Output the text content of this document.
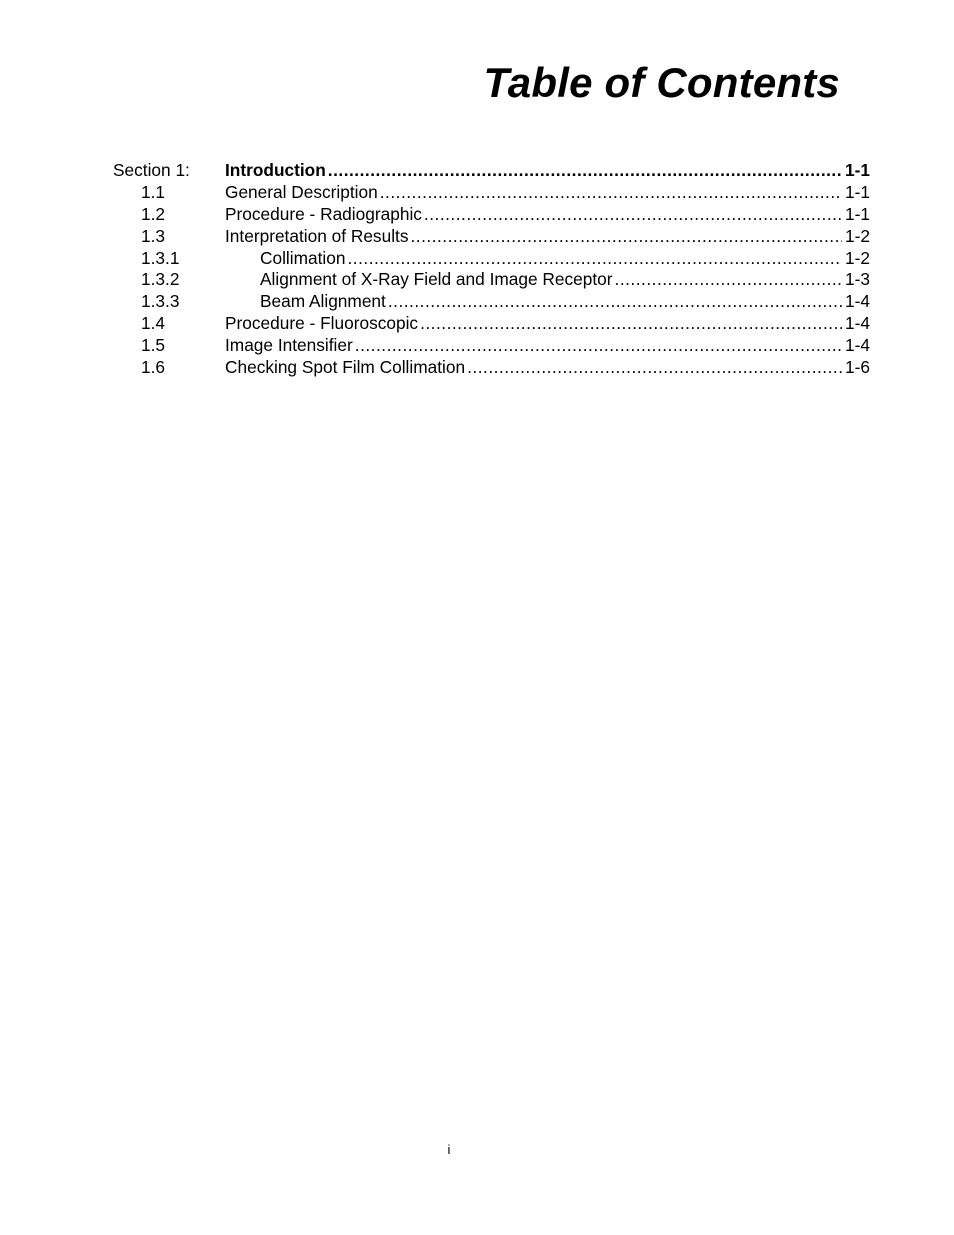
Table of Contents
Section 1: Introduction .....	1-1
1.1	General Description .....	1-1
1.2	Procedure - Radiographic .....	1-1
1.3	Interpretation of Results .....	1-2
1.3.1	Collimation .....	1-2
1.3.2	Alignment of X-Ray Field and Image Receptor .....	1-3
1.3.3	Beam Alignment .....	1-4
1.4	Procedure - Fluoroscopic .....	1-4
1.5	Image Intensifier .....	1-4
1.6	Checking Spot Film Collimation .....	1-6
i
